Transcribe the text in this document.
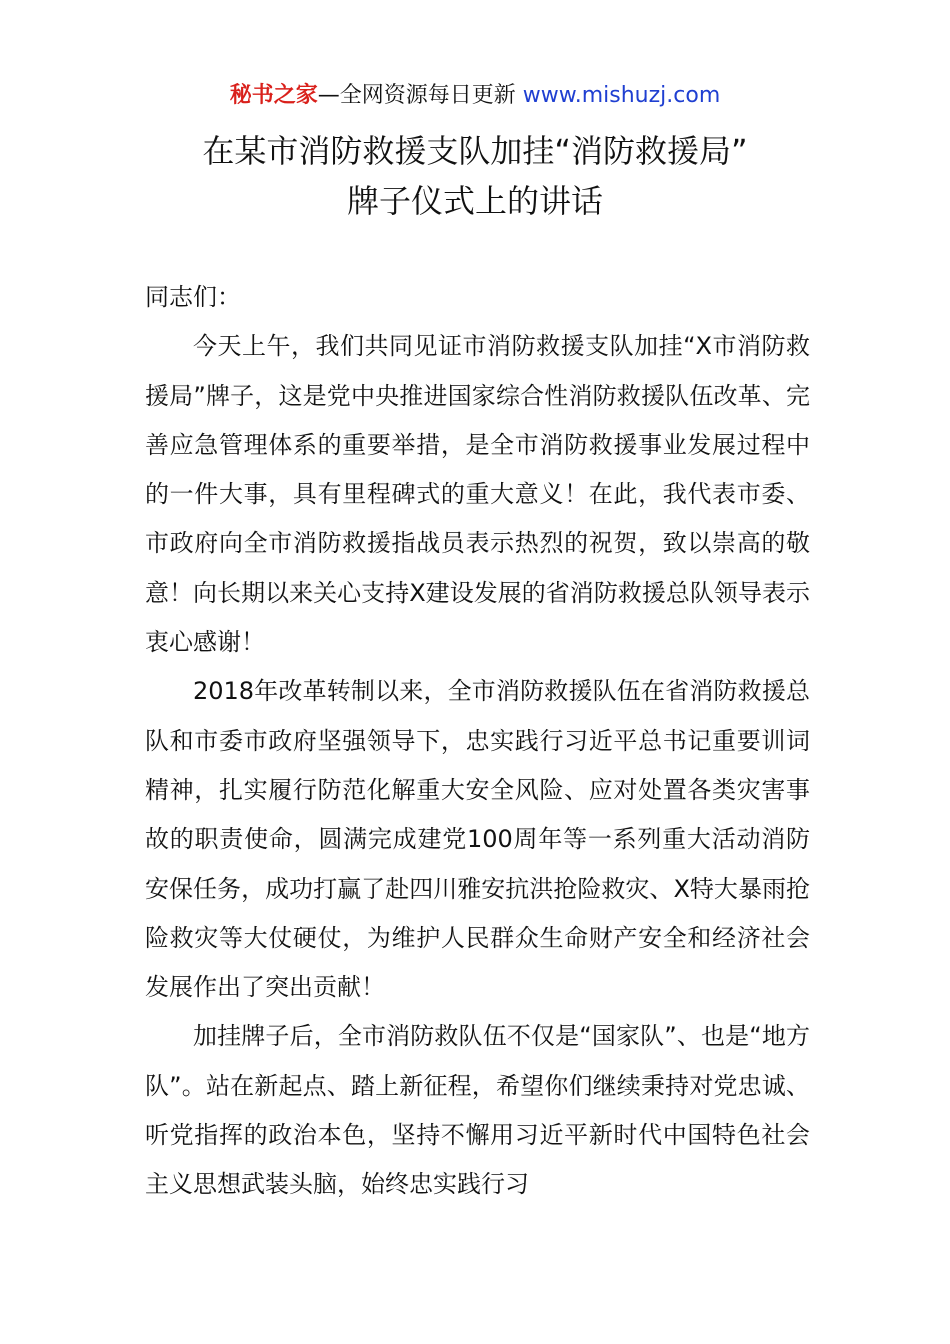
秘书之家—全网资源每日更新 www.mishuzj.com
在某市消防救援支队加挂“消防救援局”
牌子仪式上的讲话

同志们：

今天上午，我们共同见证市消防救援支队加挂“X市消防救援局”牌子，这是党中央推进国家综合性消防救援队伍改革、完善应急管理体系的重要举措，是全市消防救援事业发展过程中的一件大事，具有里程碑式的重大意义！在此，我代表市委、市政府向全市消防救援指战员表示热烈的祝贺，致以崇高的敬意！向长期以来关心支持X建设发展的省消防救援总队领导表示衷心感谢！

2018年改革转制以来，全市消防救援队伍在省消防救援总队和市委市政府坚强领导下，忠实践行习近平总书记重要训词精神，扎实履行防范化解重大安全风险、应对处置各类灾害事故的职责使命，圆满完成建党100周年等一系列重大活动消防安保任务，成功打赢了赴四川雅安抗洪抢险救灾、X特大暴雨抢险救灾等大仗硬仗，为维护人民群众生命财产安全和经济社会发展作出了突出贡献！

加挂牌子后，全市消防救队伍不仅是“国家队”、也是“地方队”。站在新起点、踏上新征程，希望你们继续秉持对党忠诚、听党指挥的政治本色，坚持不懈用习近平新时代中国特色社会主义思想武装头脑，始终忠实践行习
